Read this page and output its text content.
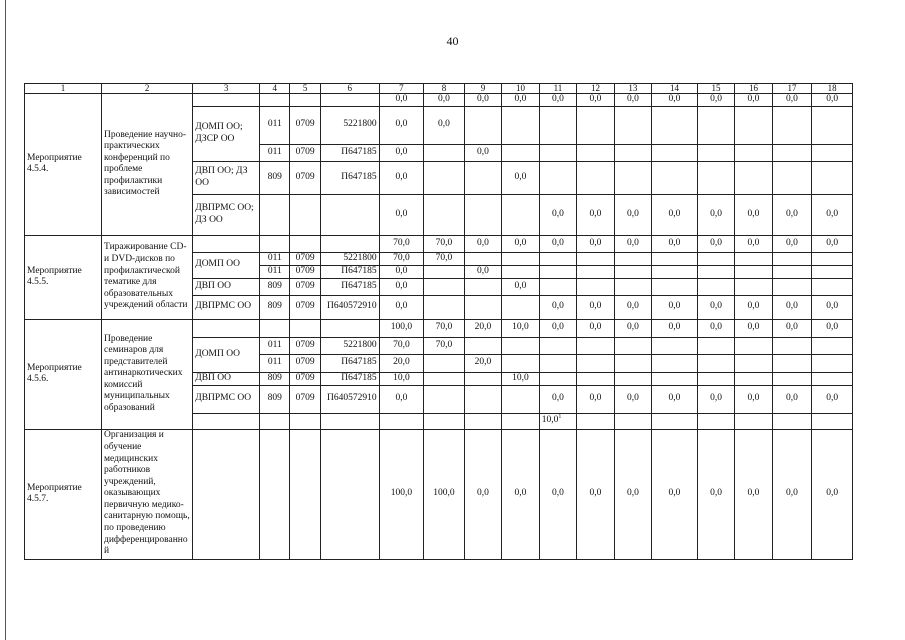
40
1	2	3	4	5	6	7	8	9	10	11	12	13	14	15	16	17	18
Мероприятие 4.5.4.	Проведение научно-практических конференций по проблеме профилактики зависимостей					0,0	0,0	0,0	0,0	0,0	0,0	0,0	0,0	0,0	0,0	0,0	0,0
		ДОМП ОО; ДЗСР ОО	011	0709	5221800	0,0	0,0										
			011	0709	П647185	0,0		0,0									
		ДВП ОО; ДЗ ОО	809	0709	П647185	0,0			0,0								
		ДВПРМС ОО; ДЗ ОО				0,0				0,0	0,0	0,0	0,0	0,0	0,0	0,0	0,0
Мероприятие 4.5.5.	Тиражирование CD- и DVD-дисков по профилактической тематике для образовательных учреждений области					70,0	70,0	0,0	0,0	0,0	0,0	0,0	0,0	0,0	0,0	0,0	0,0
		ДОМП ОО	011	0709	5221800	70,0	70,0										
			011	0709	П647185	0,0		0,0									
		ДВП ОО	809	0709	П647185	0,0			0,0								
		ДВПРМС ОО	809	0709	П640572910	0,0				0,0	0,0	0,0	0,0	0,0	0,0	0,0	0,0
Мероприятие 4.5.6.	Проведение семинаров для представителей антинаркотических комиссий муниципальных образований					100,0	70,0	20,0	10,0	0,0	0,0	0,0	0,0	0,0	0,0	0,0	0,0
		ДОМП ОО	011	0709	5221800	70,0	70,0										
			011	0709	П647185	20,0		20,0									
		ДВП ОО	809	0709	П647185	10,0			10,0								
		ДВПРМС ОО	809	0709	П640572910	0,0				0,0	0,0	0,0	0,0	0,0	0,0	0,0	0,0
										10,0$^1$							
Мероприятие 4.5.7.	Организация и обучение медицинских работников учреждений, оказывающих первичную медико-санитарную помощь, по проведению дифференцированной					100,0	100,0	0,0	0,0	0,0	0,0	0,0	0,0	0,0	0,0	0,0	0,0
